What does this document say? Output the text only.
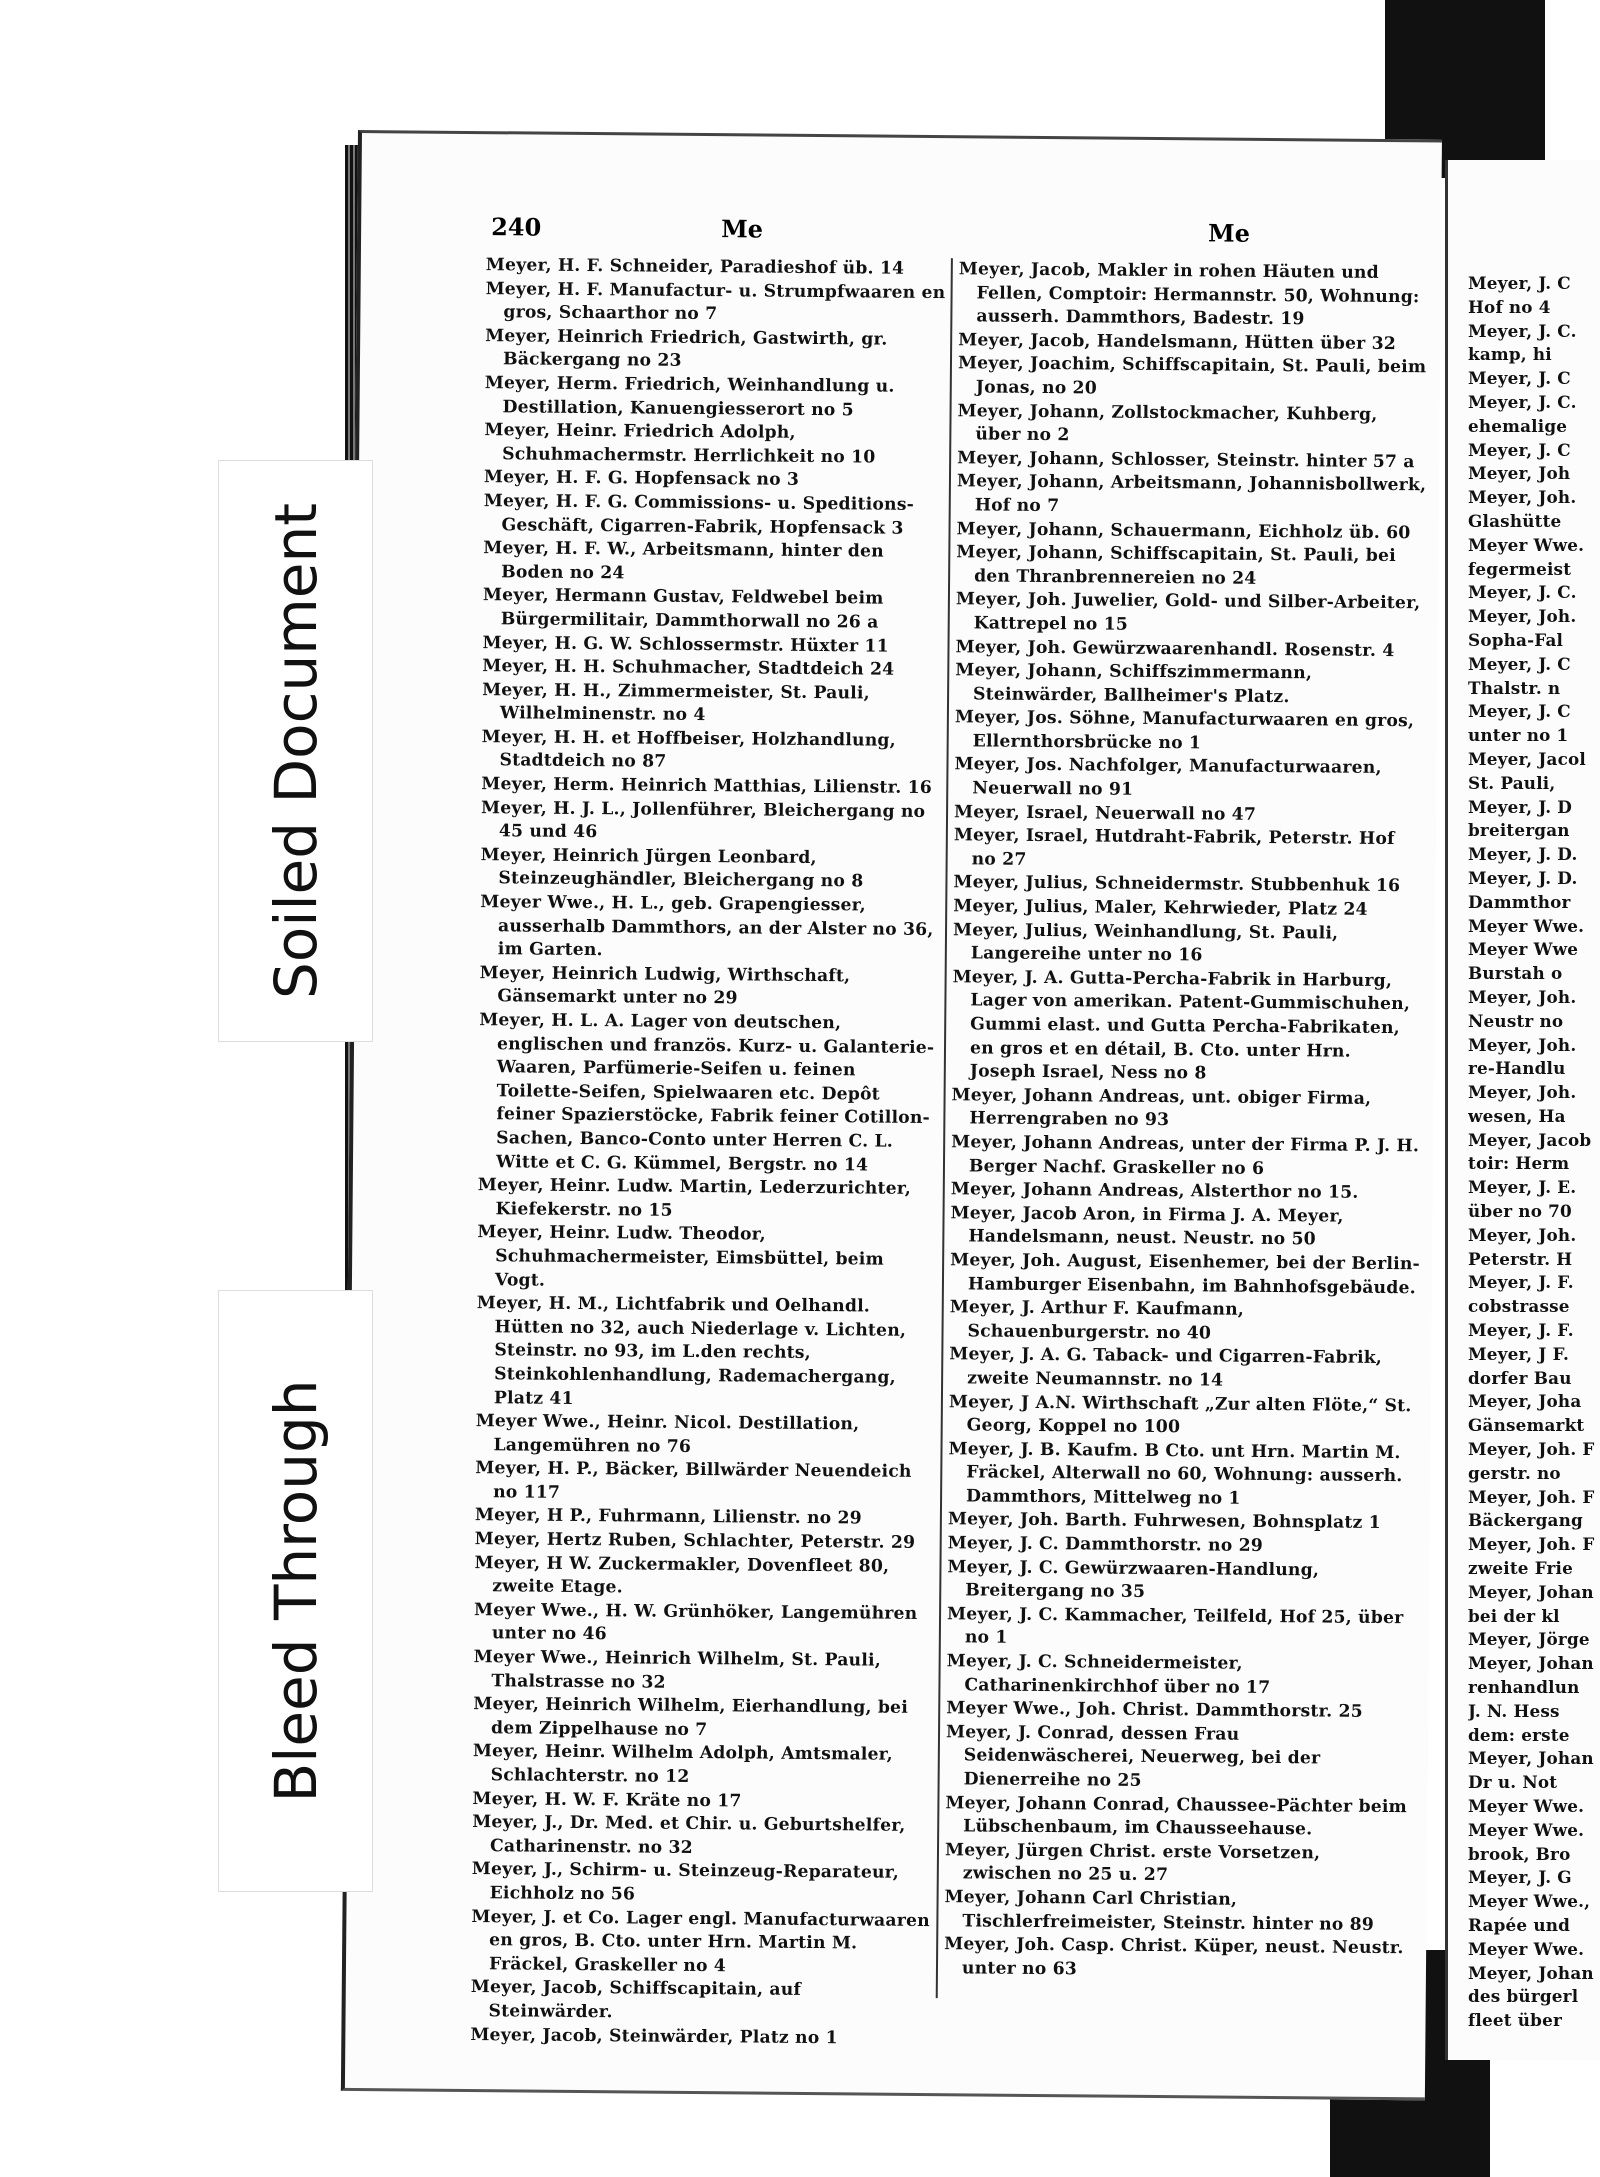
240	Me	Me

Meyer, H. F. Schneider, Paradieshof üb. 14

Meyer, H. F. Manufactur- u. Strumpfwaaren en gros, Schaarthor no 7

Meyer, Heinrich Friedrich, Gastwirth, gr. Bäckergang no 23

Meyer, Herm. Friedrich, Weinhandlung u. Destillation, Kanuengiesserort no 5

Meyer, Heinr. Friedrich Adolph, Schuhmachermstr. Herrlichkeit no 10

Meyer, H. F. G. Hopfensack no 3

Meyer, H. F. G. Commissions- u. Speditions-Geschäft, Cigarren-Fabrik, Hopfensack 3

Meyer, H. F. W., Arbeitsmann, hinter den Boden no 24

Meyer, Hermann Gustav, Feldwebel beim Bürgermilitair, Dammthorwall no 26 a

Meyer, H. G. W. Schlossermstr. Hüxter 11

Meyer, H. H. Schuhmacher, Stadtdeich 24

Meyer, H. H., Zimmermeister, St. Pauli, Wilhelminenstr. no 4

Meyer, H. H. et Hoffbeiser, Holzhandlung, Stadtdeich no 87

Meyer, Herm. Heinrich Matthias, Lilienstr. 16

Meyer, H. J. L., Jollenführer, Bleichergang no 45 und 46

Meyer, Heinrich Jürgen Leonbard, Steinzeughändler, Bleichergang no 8

Meyer Wwe., H. L., geb. Grapengiesser, ausserhalb Dammthors, an der Alster no 36, im Garten.

Meyer, Heinrich Ludwig, Wirthschaft, Gänsemarkt unter no 29

Meyer, H. L. A. Lager von deutschen, englischen und französ. Kurz- u. Galanterie-Waaren, Parfümerie-Seifen u. feinen Toilette-Seifen, Spielwaaren etc. Depôt feiner Spazierstöcke, Fabrik feiner Cotillon-Sachen, Banco-Conto unter Herren C. L. Witte et C. G. Kümmel, Bergstr. no 14

Meyer, Heinr. Ludw. Martin, Lederzurichter, Kiefekerstr. no 15

Meyer, Heinr. Ludw. Theodor, Schuhmachermeister, Eimsbüttel, beim Vogt.

Meyer, H. M., Lichtfabrik und Oelhandl. Hütten no 32, auch Niederlage v. Lichten, Steinstr. no 93, im L.den rechts, Steinkohlenhandlung, Rademachergang, Platz 41

Meyer Wwe., Heinr. Nicol. Destillation, Langemühren no 76

Meyer, H. P., Bäcker, Billwärder Neuendeich no 117

Meyer, H P., Fuhrmann, Lilienstr. no 29

Meyer, Hertz Ruben, Schlachter, Peterstr. 29

Meyer, H W. Zuckermakler, Dovenfleet 80, zweite Etage.

Meyer Wwe., H. W. Grünhöker, Langemühren unter no 46

Meyer Wwe., Heinrich Wilhelm, St. Pauli, Thalstrasse no 32

Meyer, Heinrich Wilhelm, Eierhandlung, bei dem Zippelhause no 7

Meyer, Heinr. Wilhelm Adolph, Amtsmaler, Schlachterstr. no 12

Meyer, H. W. F. Kräte no 17

Meyer, J., Dr. Med. et Chir. u. Geburtshelfer, Catharinenstr. no 32

Meyer, J., Schirm- u. Steinzeug-Reparateur, Eichholz no 56

Meyer, J. et Co. Lager engl. Manufacturwaaren en gros, B. Cto. unter Hrn. Martin M. Fräckel, Graskeller no 4

Meyer, Jacob, Schiffscapitain, auf Steinwärder.

Meyer, Jacob, Steinwärder, Platz no 1

Meyer, Jacob, Makler in rohen Häuten und Fellen, Comptoir: Hermannstr. 50, Wohnung: ausserh. Dammthors, Badestr. 19

Meyer, Jacob, Handelsmann, Hütten über 32

Meyer, Joachim, Schiffscapitain, St. Pauli, beim Jonas, no 20

Meyer, Johann, Zollstockmacher, Kuhberg, über no 2

Meyer, Johann, Schlosser, Steinstr. hinter 57 a

Meyer, Johann, Arbeitsmann, Johannisbollwerk, Hof no 7

Meyer, Johann, Schauermann, Eichholz üb. 60

Meyer, Johann, Schiffscapitain, St. Pauli, bei den Thranbrennereien no 24

Meyer, Joh. Juwelier, Gold- und Silber-Arbeiter, Kattrepel no 15

Meyer, Joh. Gewürzwaarenhandl. Rosenstr. 4

Meyer, Johann, Schiffszimmermann, Steinwärder, Ballheimer's Platz.

Meyer, Jos. Söhne, Manufacturwaaren en gros, Ellernthorsbrücke no 1

Meyer, Jos. Nachfolger, Manufacturwaaren, Neuerwall no 91

Meyer, Israel, Neuerwall no 47

Meyer, Israel, Hutdraht-Fabrik, Peterstr. Hof no 27

Meyer, Julius, Schneidermstr. Stubbenhuk 16

Meyer, Julius, Maler, Kehrwieder, Platz 24

Meyer, Julius, Weinhandlung, St. Pauli, Langereihe unter no 16

Meyer, J. A. Gutta-Percha-Fabrik in Harburg, Lager von amerikan. Patent-Gummischuhen, Gummi elast. und Gutta Percha-Fabrikaten, en gros et en détail, B. Cto. unter Hrn. Joseph Israel, Ness no 8

Meyer, Johann Andreas, unt. obiger Firma, Herrengraben no 93

Meyer, Johann Andreas, unter der Firma P. J. H. Berger Nachf. Graskeller no 6

Meyer, Johann Andreas, Alsterthor no 15.

Meyer, Jacob Aron, in Firma J. A. Meyer, Handelsmann, neust. Neustr. no 50

Meyer, Joh. August, Eisenhemer, bei der Berlin-Hamburger Eisenbahn, im Bahnhofsgebäude.

Meyer, J. Arthur F. Kaufmann, Schauenburgerstr. no 40

Meyer, J. A. G. Taback- und Cigarren-Fabrik, zweite Neumannstr. no 14

Meyer, J A.N. Wirthschaft „Zur alten Flöte,“ St. Georg, Koppel no 100

Meyer, J. B. Kaufm. B Cto. unt Hrn. Martin M. Fräckel, Alterwall no 60, Wohnung: ausserh. Dammthors, Mittelweg no 1

Meyer, Joh. Barth. Fuhrwesen, Bohnsplatz 1

Meyer, J. C. Dammthorstr. no 29

Meyer, J. C. Gewürzwaaren-Handlung, Breitergang no 35

Meyer, J. C. Kammacher, Teilfeld, Hof 25, über no 1

Meyer, J. C. Schneidermeister, Catharinenkirchhof über no 17

Meyer Wwe., Joh. Christ. Dammthorstr. 25

Meyer, J. Conrad, dessen Frau Seidenwäscherei, Neuerweg, bei der Dienerreihe no 25

Meyer, Johann Conrad, Chaussee-Pächter beim Lübschenbaum, im Chausseehause.

Meyer, Jürgen Christ. erste Vorsetzen, zwischen no 25 u. 27

Meyer, Johann Carl Christian, Tischlerfreimeister, Steinstr. hinter no 89

Meyer, Joh. Casp. Christ. Küper, neust. Neustr. unter no 63

Meyer, J. C

Hof no 4

Meyer, J. C.

kamp, hi

Meyer, J. C

Meyer, J. C.

ehemalige

Meyer, J. C

Meyer, Joh

Meyer, Joh.

Glashütte

Meyer Wwe.

fegermeist

Meyer, J. C.

Meyer, Joh.

Sopha-Fal

Meyer, J. C

Thalstr. n

Meyer, J. C

unter no 1

Meyer, Jacol

St. Pauli,

Meyer, J. D

breitergan

Meyer, J. D.

Meyer, J. D.

Dammthor

Meyer Wwe.

Meyer Wwe

Burstah o

Meyer, Joh.

Neustr no

Meyer, Joh.

re-Handlu

Meyer, Joh.

wesen, Ha

Meyer, Jacob

toir: Herm

Meyer, J. E.

über no 70

Meyer, Joh.

Peterstr. H

Meyer, J. F.

cobstrasse

Meyer, J. F.

Meyer, J F.

dorfer Bau

Meyer, Joha

Gänsemarkt

Meyer, Joh. F

gerstr. no

Meyer, Joh. F

Bäckergang

Meyer, Joh. F

zweite Frie

Meyer, Johan

bei der kl

Meyer, Jörge

Meyer, Johan

renhandlun

J. N. Hess

dem: erste

Meyer, Johan

Dr u. Not

Meyer Wwe.

Meyer Wwe.

brook, Bro

Meyer, J. G

Meyer Wwe.,

Rapée und

Meyer Wwe.

Meyer, Johan

des bürgerl

fleet über

Soiled Document
Bleed Through
